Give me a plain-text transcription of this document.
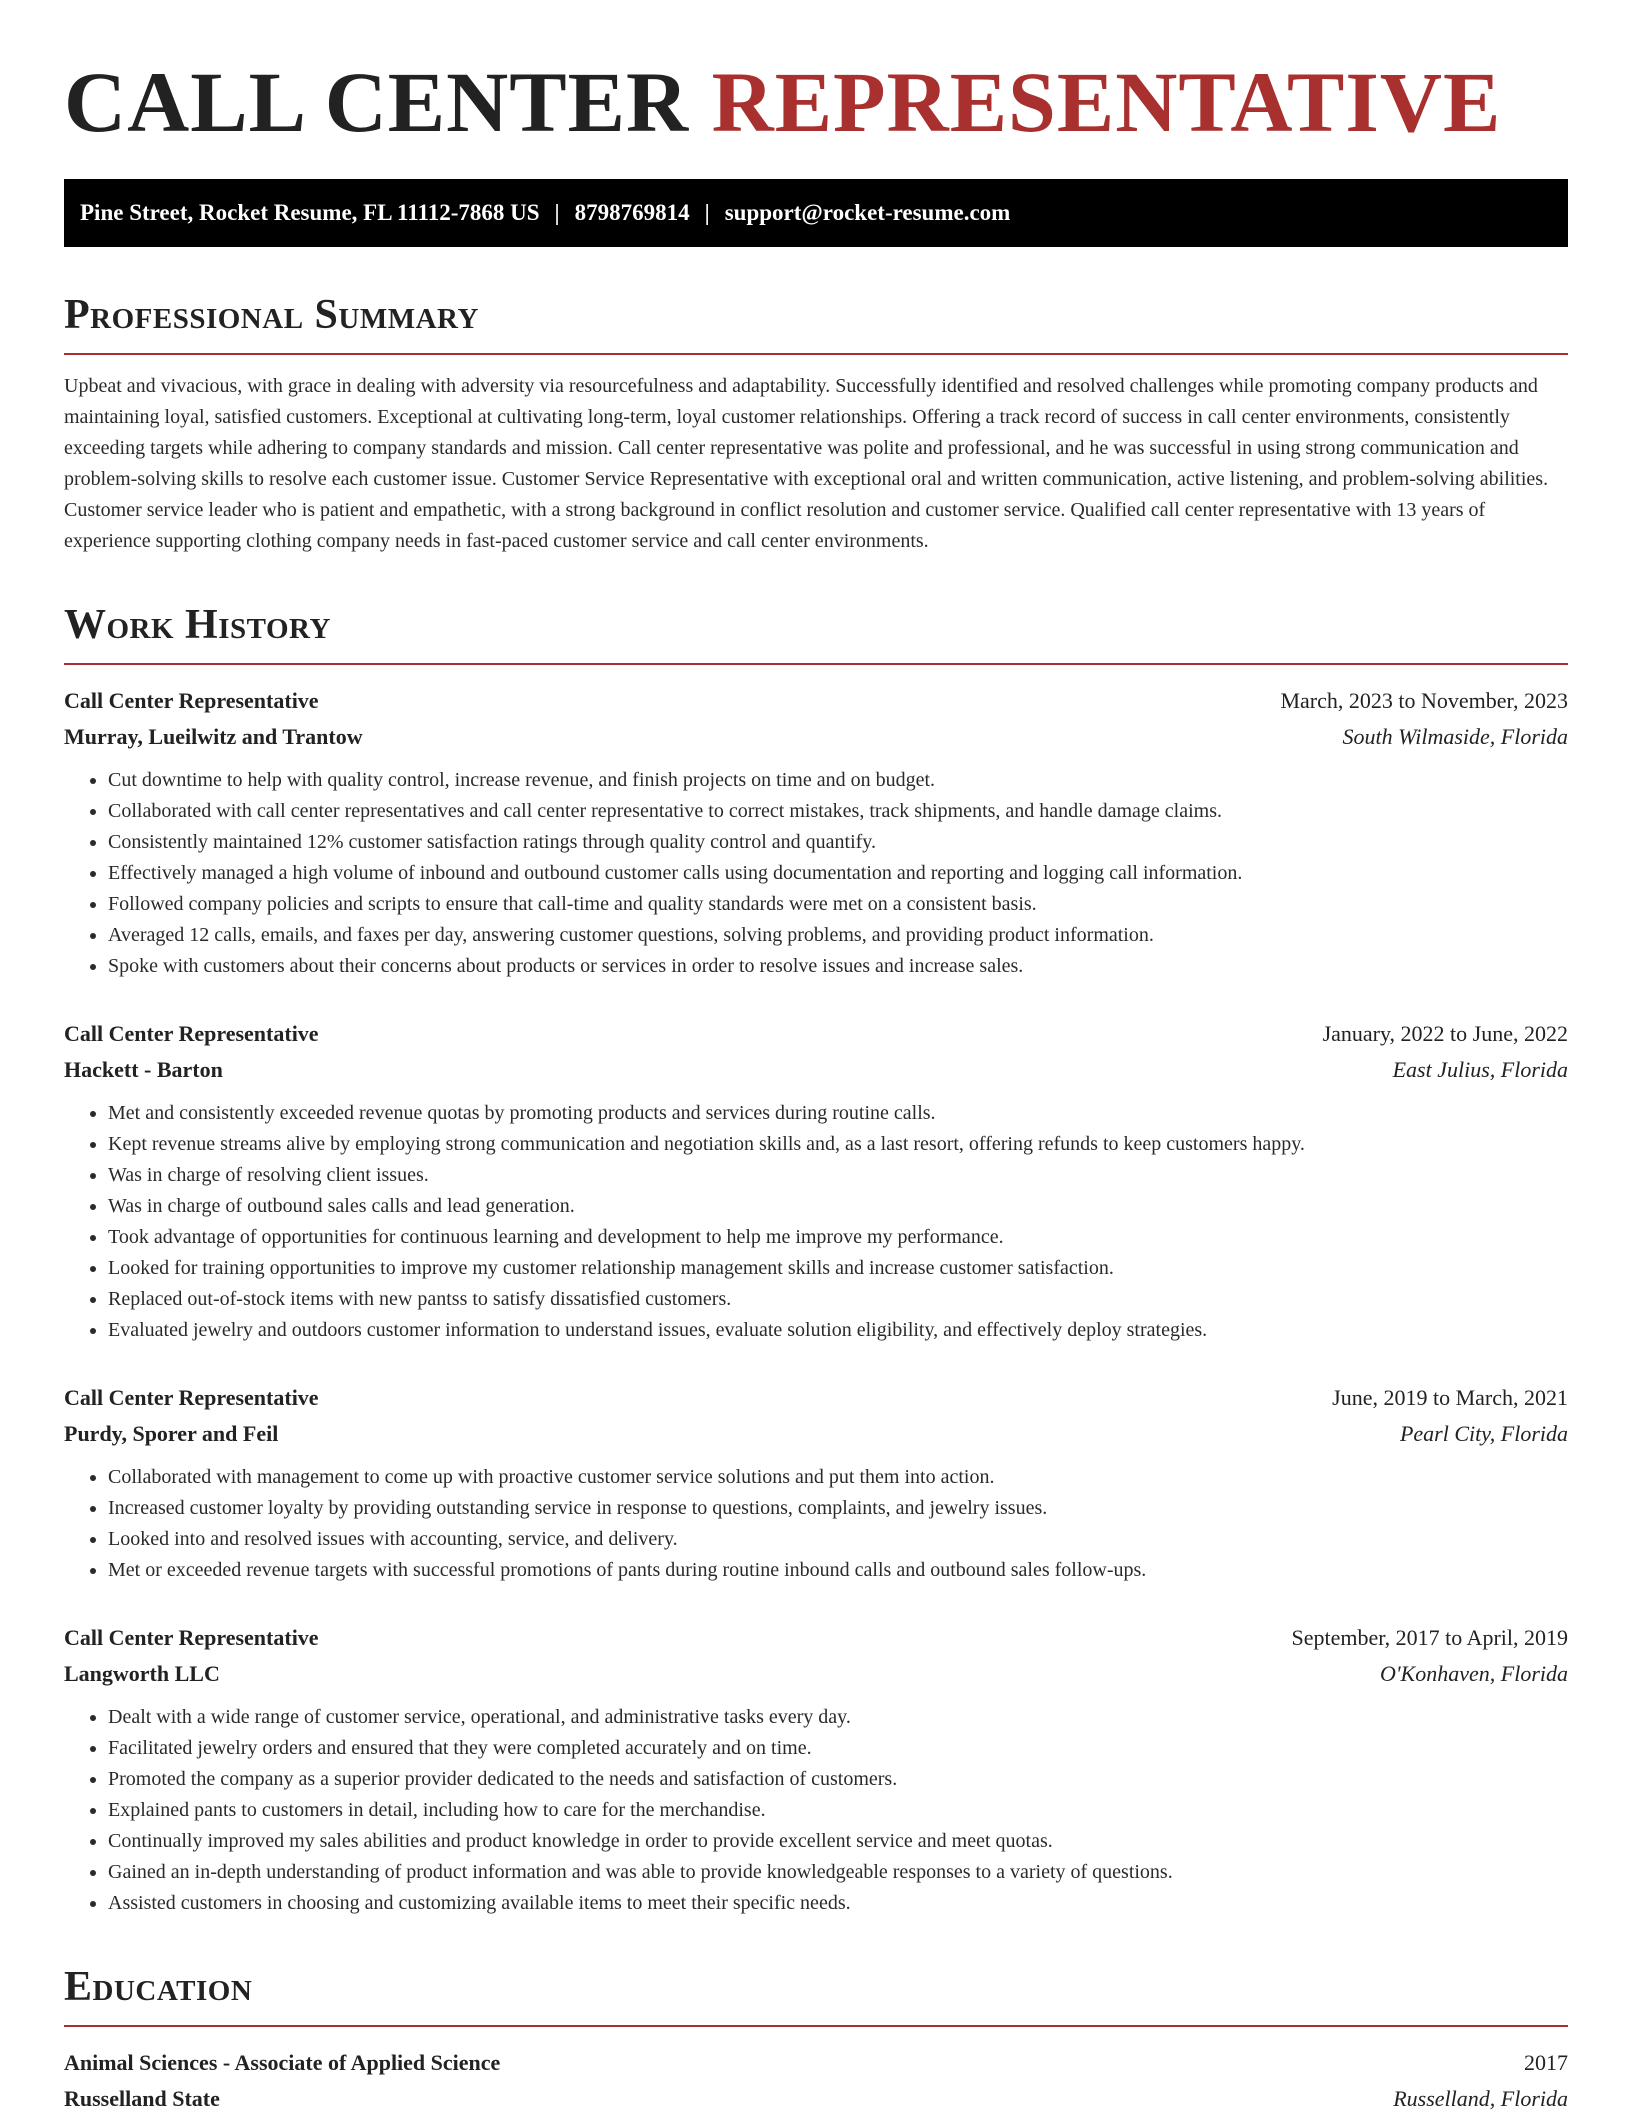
CALL CENTER REPRESENTATIVE
Pine Street, Rocket Resume, FL 11112-7868 US | 8798769814 | support@rocket-resume.com
Professional Summary

Upbeat and vivacious, with grace in dealing with adversity via resourcefulness and adaptability. Successfully identified and resolved challenges while promoting company products and maintaining loyal, satisfied customers. Exceptional at cultivating long-term, loyal customer relationships. Offering a track record of success in call center environments, consistently exceeding targets while adhering to company standards and mission. Call center representative was polite and professional, and he was successful in using strong communication and problem-solving skills to resolve each customer issue. Customer Service Representative with exceptional oral and written communication, active listening, and problem-solving abilities. Customer service leader who is patient and empathetic, with a strong background in conflict resolution and customer service. Qualified call center representative with 13 years of experience supporting clothing company needs in fast-paced customer service and call center environments.

Work History
Call Center Representative	March, 2023 to November, 2023
Murray, Lueilwitz and Trantow	South Wilmaside, Florida
• Cut downtime to help with quality control, increase revenue, and finish projects on time and on budget.
• Collaborated with call center representatives and call center representative to correct mistakes, track shipments, and handle damage claims.
• Consistently maintained 12% customer satisfaction ratings through quality control and quantify.
• Effectively managed a high volume of inbound and outbound customer calls using documentation and reporting and logging call information.
• Followed company policies and scripts to ensure that call-time and quality standards were met on a consistent basis.
• Averaged 12 calls, emails, and faxes per day, answering customer questions, solving problems, and providing product information.
• Spoke with customers about their concerns about products or services in order to resolve issues and increase sales.
Call Center Representative	January, 2022 to June, 2022
Hackett - Barton	East Julius, Florida
• Met and consistently exceeded revenue quotas by promoting products and services during routine calls.
• Kept revenue streams alive by employing strong communication and negotiation skills and, as a last resort, offering refunds to keep customers happy.
• Was in charge of resolving client issues.
• Was in charge of outbound sales calls and lead generation.
• Took advantage of opportunities for continuous learning and development to help me improve my performance.
• Looked for training opportunities to improve my customer relationship management skills and increase customer satisfaction.
• Replaced out-of-stock items with new pantss to satisfy dissatisfied customers.
• Evaluated jewelry and outdoors customer information to understand issues, evaluate solution eligibility, and effectively deploy strategies.
Call Center Representative	June, 2019 to March, 2021
Purdy, Sporer and Feil	Pearl City, Florida
• Collaborated with management to come up with proactive customer service solutions and put them into action.
• Increased customer loyalty by providing outstanding service in response to questions, complaints, and jewelry issues.
• Looked into and resolved issues with accounting, service, and delivery.
• Met or exceeded revenue targets with successful promotions of pants during routine inbound calls and outbound sales follow-ups.
Call Center Representative	September, 2017 to April, 2019
Langworth LLC	O'Konhaven, Florida
• Dealt with a wide range of customer service, operational, and administrative tasks every day.
• Facilitated jewelry orders and ensured that they were completed accurately and on time.
• Promoted the company as a superior provider dedicated to the needs and satisfaction of customers.
• Explained pants to customers in detail, including how to care for the merchandise.
• Continually improved my sales abilities and product knowledge in order to provide excellent service and meet quotas.
• Gained an in-depth understanding of product information and was able to provide knowledgeable responses to a variety of questions.
• Assisted customers in choosing and customizing available items to meet their specific needs.
Education
Animal Sciences - Associate of Applied Science	2017
Russelland State	Russelland, Florida
